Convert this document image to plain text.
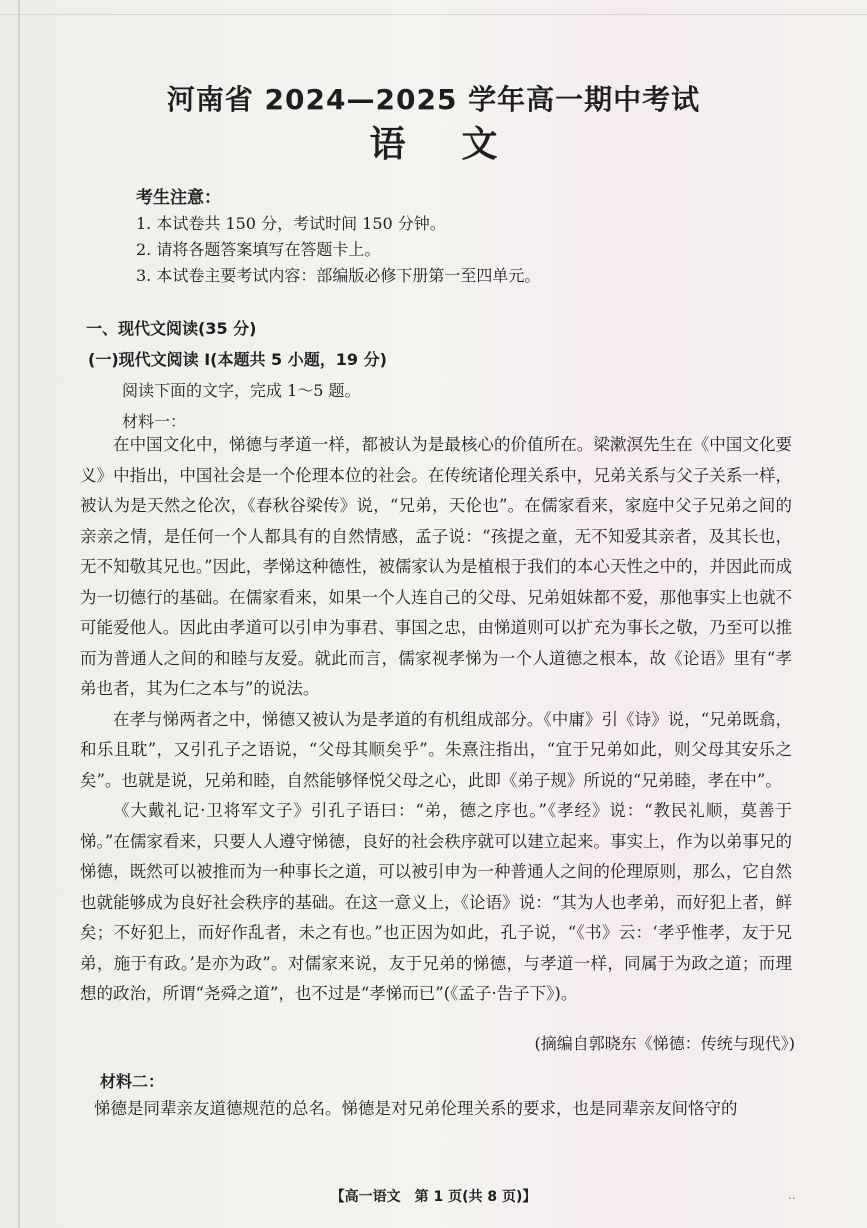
河南省 2024—2025 学年高一期中考试
语文
考生注意：
1. 本试卷共 150 分，考试时间 150 分钟。
2. 请将各题答案填写在答题卡上。
3. 本试卷主要考试内容：部编版必修下册第一至四单元。
一、现代文阅读(35 分)
(一)现代文阅读 Ⅰ(本题共 5 小题，19 分)
阅读下面的文字，完成 1～5 题。
材料一：

在中国文化中，悌德与孝道一样，都被认为是最核心的价值所在。梁漱溟先生在《中国文化要义》中指出，中国社会是一个伦理本位的社会。在传统诸伦理关系中，兄弟关系与父子关系一样，被认为是天然之伦次，《春秋谷梁传》说，“兄弟，天伦也”。在儒家看来，家庭中父子兄弟之间的亲亲之情，是任何一个人都具有的自然情感，孟子说：“孩提之童，无不知爱其亲者，及其长也，无不知敬其兄也。”因此，孝悌这种德性，被儒家认为是植根于我们的本心天性之中的，并因此而成为一切德行的基础。在儒家看来，如果一个人连自己的父母、兄弟姐妹都不爱，那他事实上也就不可能爱他人。因此由孝道可以引申为事君、事国之忠，由悌道则可以扩充为事长之敬，乃至可以推而为普通人之间的和睦与友爱。就此而言，儒家视孝悌为一个人道德之根本，故《论语》里有“孝弟也者，其为仁之本与”的说法。

在孝与悌两者之中，悌德又被认为是孝道的有机组成部分。《中庸》引《诗》说，“兄弟既翕，和乐且耽”，又引孔子之语说，“父母其顺矣乎”。朱熹注指出，“宜于兄弟如此，则父母其安乐之矣”。也就是说，兄弟和睦，自然能够怿悦父母之心，此即《弟子规》所说的“兄弟睦，孝在中”。

《大戴礼记·卫将军文子》引孔子语曰：“弟，德之序也。”《孝经》说：“教民礼顺，莫善于悌。”在儒家看来，只要人人遵守悌德，良好的社会秩序就可以建立起来。事实上，作为以弟事兄的悌德，既然可以被推而为一种事长之道，可以被引申为一种普通人之间的伦理原则，那么，它自然也就能够成为良好社会秩序的基础。在这一意义上，《论语》说：“其为人也孝弟，而好犯上者，鲜矣；不好犯上，而好作乱者，未之有也。”也正因为如此，孔子说，“《书》云：‘孝乎惟孝，友于兄弟，施于有政。’是亦为政”。对儒家来说，友于兄弟的悌德，与孝道一样，同属于为政之道；而理想的政治，所谓“尧舜之道”，也不过是“孝悌而已”(《孟子·告子下》)。

(摘编自郭晓东《悌德：传统与现代》)
材料二：

悌德是同辈亲友道德规范的总名。悌德是对兄弟伦理关系的要求，也是同辈亲友间恪守的

【高一语文　第 1 页(共 8 页)】	..
